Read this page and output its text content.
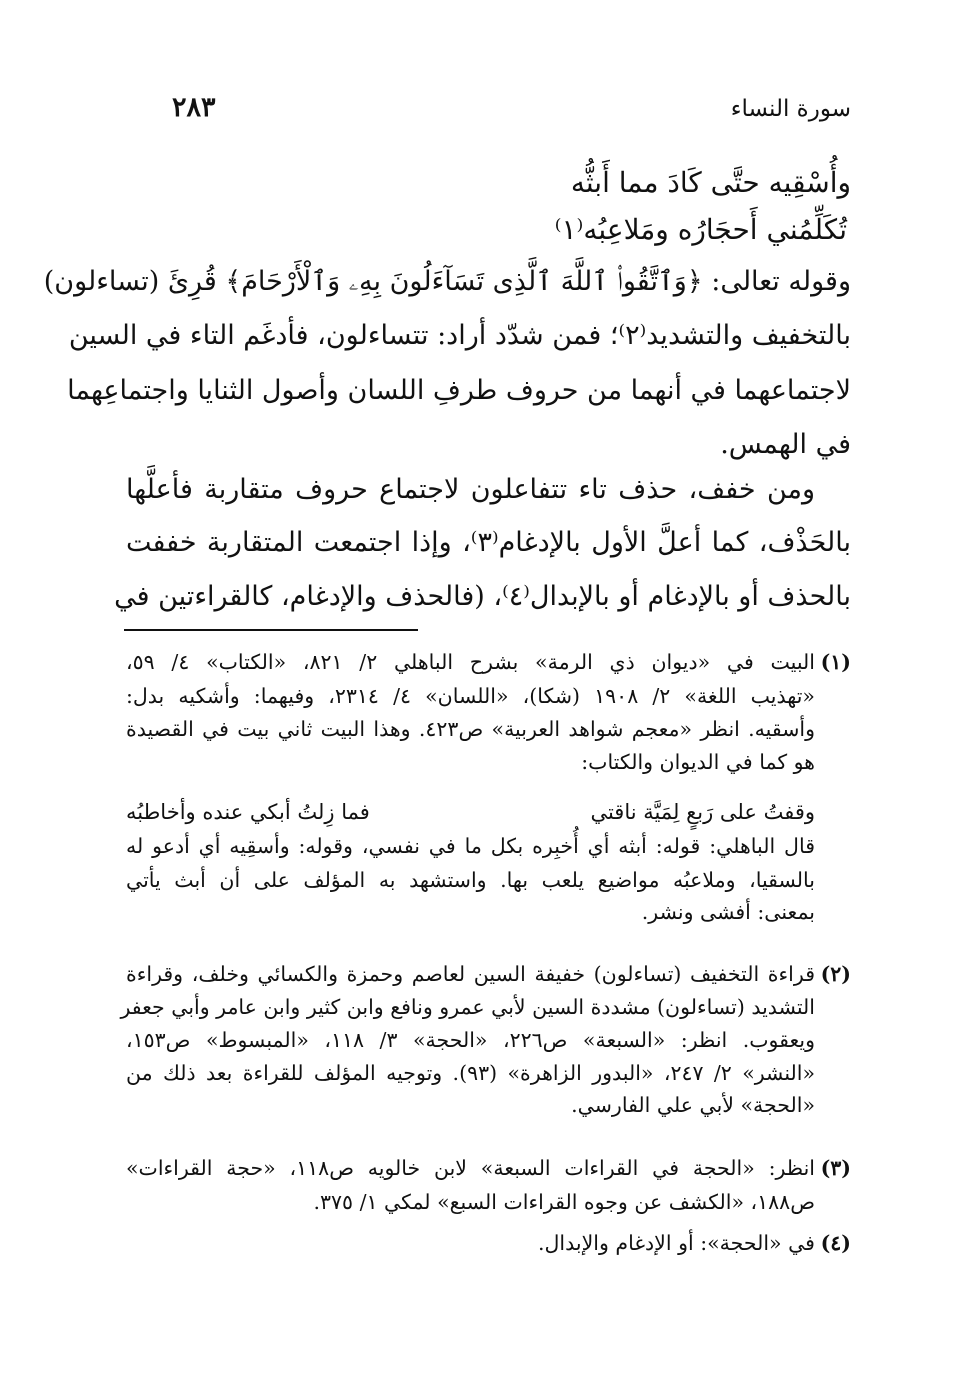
٢٨٣	سورة النساء
وأُسْقِيه حتَّى كَادَ مما أَبثُّه
تُكَلِّمُني أَحجَارُه ومَلاعِبُه⁽١⁾
وقوله تعالى: ﴿وَٱتَّقُوا۟ ٱللَّهَ ٱلَّذِى تَسَآءَلُونَ بِهِۦ وَٱلْأَرْحَامَ﴾ قُرِئَ (تساءلون)
بالتخفيف والتشديد⁽٢⁾؛ فمن شدّد أراد: تتساءلون، فأدغَم التاء في السين
لاجتماعهما في أنهما من حروف طرفِ اللسان وأصول الثنايا واجتماعِهما
في الهمس.
ومن خفف، حذف تاء تتفاعلون لاجتماع حروف متقاربة فأعلَّها
بالحَذْف، كما أعلَّ الأول بالإدغام⁽٣⁾، وإذا اجتمعت المتقاربة خففت
بالحذف أو بالإدغام أو بالإبدال⁽٤⁾، (فالحذف والإدغام، كالقراءتين في
(١)
البيت في «ديوان ذي الرمة» بشرح الباهلي ٢/ ٨٢١، «الكتاب» ٤/ ٥٩،
«تهذيب اللغة» ٢/ ١٩٠٨ (شكا)، «اللسان» ٤/ ٢٣١٤، وفيهما: وأشكيه بدل:
وأسقيه. انظر «معجم شواهد العربية» ص٤٢٣. وهذا البيت ثاني بيت في القصيدة
هو كما في الديوان والكتاب:
وقفتُ على رَبعٍ لِمَيَّة ناقتي
فما زِلتُ أبكي عنده وأخاطبُه
قال الباهلي: قوله: أبثه أي أُخبِره بكل ما في نفسي، وقوله: وأسقِيه أي أدعو له
بالسقيا، وملاعبُه مواضيع يلعب بها. واستشهد به المؤلف على أن أبث يأتي
بمعنى: أفشى ونشر.
(٢)
قراءة التخفيف (تساءلون) خفيفة السين لعاصم وحمزة والكسائي وخلف، وقراءة
التشديد (تساءلون) مشددة السين لأبي عمرو ونافع وابن كثير وابن عامر وأبي جعفر
ويعقوب. انظر: «السبعة» ص٢٢٦، «الحجة» ٣/ ١١٨، «المبسوط» ص١٥٣،
«النشر» ٢/ ٢٤٧، «البدور الزاهرة» (٩٣). وتوجيه المؤلف للقراءة بعد ذلك من
«الحجة» لأبي علي الفارسي.
(٣)
انظر: «الحجة في القراءات السبعة» لابن خالويه ص١١٨، «حجة القراءات»
ص١٨٨، «الكشف عن وجوه القراءات السبع» لمكي ١/ ٣٧٥.
(٤)
في «الحجة»: أو الإدغام والإبدال.
